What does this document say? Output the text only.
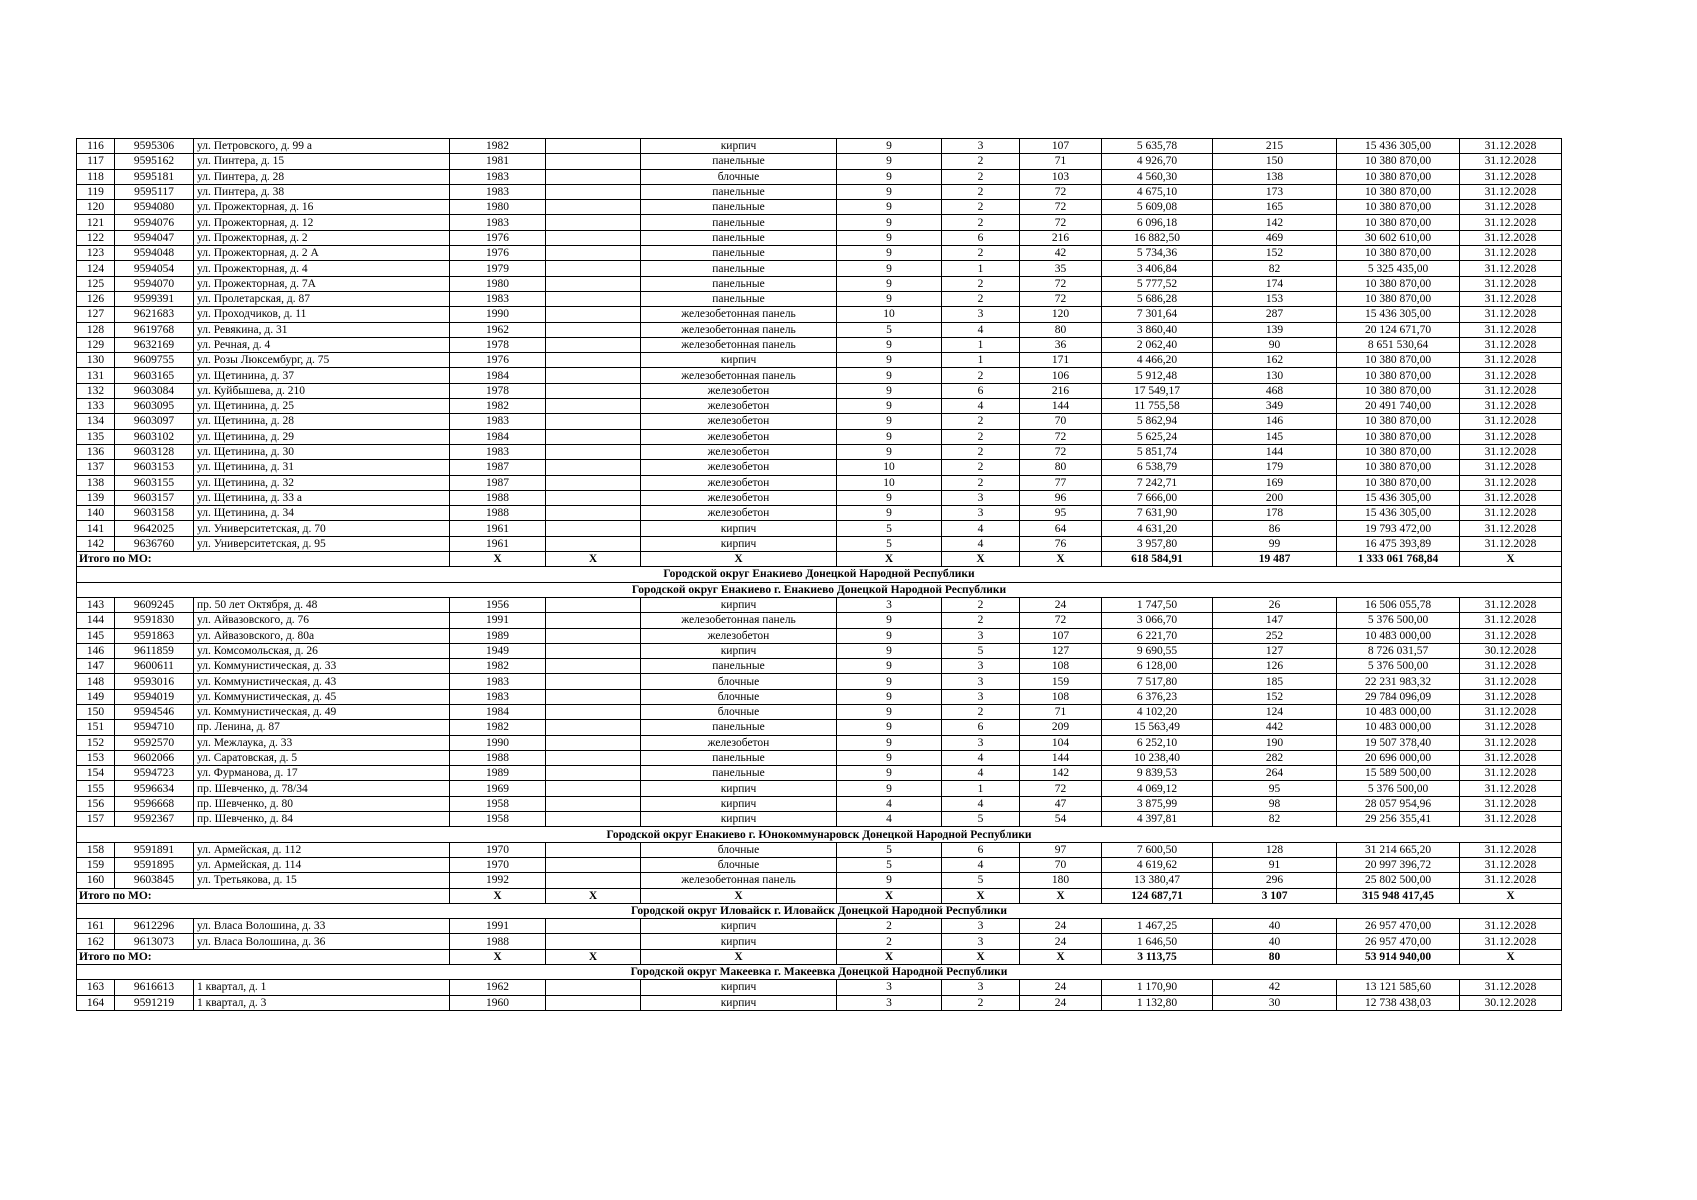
116	9595306	ул. Петровского, д. 99 а	1982		кирпич	9	3	107	5 635,78	215	15 436 305,00	31.12.2028
117	9595162	ул. Пинтера, д. 15	1981		панельные	9	2	71	4 926,70	150	10 380 870,00	31.12.2028
118	9595181	ул. Пинтера, д. 28	1983		блочные	9	2	103	4 560,30	138	10 380 870,00	31.12.2028
119	9595117	ул. Пинтера, д. 38	1983		панельные	9	2	72	4 675,10	173	10 380 870,00	31.12.2028
120	9594080	ул. Прожекторная, д. 16	1980		панельные	9	2	72	5 609,08	165	10 380 870,00	31.12.2028
121	9594076	ул. Прожекторная, д. 12	1983		панельные	9	2	72	6 096,18	142	10 380 870,00	31.12.2028
122	9594047	ул. Прожекторная, д. 2	1976		панельные	9	6	216	16 882,50	469	30 602 610,00	31.12.2028
123	9594048	ул. Прожекторная, д. 2 А	1976		панельные	9	2	42	5 734,36	152	10 380 870,00	31.12.2028
124	9594054	ул. Прожекторная, д. 4	1979		панельные	9	1	35	3 406,84	82	5 325 435,00	31.12.2028
125	9594070	ул. Прожекторная, д. 7А	1980		панельные	9	2	72	5 777,52	174	10 380 870,00	31.12.2028
126	9599391	ул. Пролетарская, д. 87	1983		панельные	9	2	72	5 686,28	153	10 380 870,00	31.12.2028
127	9621683	ул. Проходчиков, д. 11	1990		железобетонная панель	10	3	120	7 301,64	287	15 436 305,00	31.12.2028
128	9619768	ул. Ревякина, д. 31	1962		железобетонная панель	5	4	80	3 860,40	139	20 124 671,70	31.12.2028
129	9632169	ул. Речная, д. 4	1978		железобетонная панель	9	1	36	2 062,40	90	8 651 530,64	31.12.2028
130	9609755	ул. Розы Люксембург, д. 75	1976		кирпич	9	1	171	4 466,20	162	10 380 870,00	31.12.2028
131	9603165	ул. Щетинина, д. 37	1984		железобетонная панель	9	2	106	5 912,48	130	10 380 870,00	31.12.2028
132	9603084	ул. Куйбышева, д. 210	1978		железобетон	9	6	216	17 549,17	468	10 380 870,00	31.12.2028
133	9603095	ул. Щетинина, д. 25	1982		железобетон	9	4	144	11 755,58	349	20 491 740,00	31.12.2028
134	9603097	ул. Щетинина, д. 28	1983		железобетон	9	2	70	5 862,94	146	10 380 870,00	31.12.2028
135	9603102	ул. Щетинина, д. 29	1984		железобетон	9	2	72	5 625,24	145	10 380 870,00	31.12.2028
136	9603128	ул. Щетинина, д. 30	1983		железобетон	9	2	72	5 851,74	144	10 380 870,00	31.12.2028
137	9603153	ул. Щетинина, д. 31	1987		железобетон	10	2	80	6 538,79	179	10 380 870,00	31.12.2028
138	9603155	ул. Щетинина, д. 32	1987		железобетон	10	2	77	7 242,71	169	10 380 870,00	31.12.2028
139	9603157	ул. Щетинина, д. 33 а	1988		железобетон	9	3	96	7 666,00	200	15 436 305,00	31.12.2028
140	9603158	ул. Щетинина, д. 34	1988		железобетон	9	3	95	7 631,90	178	15 436 305,00	31.12.2028
141	9642025	ул. Университетская, д. 70	1961		кирпич	5	4	64	4 631,20	86	19 793 472,00	31.12.2028
142	9636760	ул. Университетская, д. 95	1961		кирпич	5	4	76	3 957,80	99	16 475 393,89	31.12.2028
Итого по МО:			X	X	X	X	X	X	618 584,91	19 487	1 333 061 768,84	X
Городской округ Енакиево Донецкой Народной Республики												
Городской округ Енакиево г. Енакиево Донецкой Народной Республики												
143	9609245	пр. 50 лет Октября, д. 48	1956		кирпич	3	2	24	1 747,50	26	16 506 055,78	31.12.2028
144	9591830	ул. Айвазовского, д. 76	1991		железобетонная панель	9	2	72	3 066,70	147	5 376 500,00	31.12.2028
145	9591863	ул. Айвазовского, д. 80а	1989		железобетон	9	3	107	6 221,70	252	10 483 000,00	31.12.2028
146	9611859	ул. Комсомольская, д. 26	1949		кирпич	9	5	127	9 690,55	127	8 726 031,57	30.12.2028
147	9600611	ул. Коммунистическая, д. 33	1982		панельные	9	3	108	6 128,00	126	5 376 500,00	31.12.2028
148	9593016	ул. Коммунистическая, д. 43	1983		блочные	9	3	159	7 517,80	185	22 231 983,32	31.12.2028
149	9594019	ул. Коммунистическая, д. 45	1983		блочные	9	3	108	6 376,23	152	29 784 096,09	31.12.2028
150	9594546	ул. Коммунистическая, д. 49	1984		блочные	9	2	71	4 102,20	124	10 483 000,00	31.12.2028
151	9594710	пр. Ленина, д. 87	1982		панельные	9	6	209	15 563,49	442	10 483 000,00	31.12.2028
152	9592570	ул. Межлаука, д. 33	1990		железобетон	9	3	104	6 252,10	190	19 507 378,40	31.12.2028
153	9602066	ул. Саратовская, д. 5	1988		панельные	9	4	144	10 238,40	282	20 696 000,00	31.12.2028
154	9594723	ул. Фурманова, д. 17	1989		панельные	9	4	142	9 839,53	264	15 589 500,00	31.12.2028
155	9596634	пр. Шевченко, д. 78/34	1969		кирпич	9	1	72	4 069,12	95	5 376 500,00	31.12.2028
156	9596668	пр. Шевченко, д. 80	1958		кирпич	4	4	47	3 875,99	98	28 057 954,96	31.12.2028
157	9592367	пр. Шевченко, д. 84	1958		кирпич	4	5	54	4 397,81	82	29 256 355,41	31.12.2028
Городской округ Енакиево г. Юнокоммунаровск Донецкой Народной Республики												
158	9591891	ул. Армейская, д. 112	1970		блочные	5	6	97	7 600,50	128	31 214 665,20	31.12.2028
159	9591895	ул. Армейская, д. 114	1970		блочные	5	4	70	4 619,62	91	20 997 396,72	31.12.2028
160	9603845	ул. Третьякова, д. 15	1992		железобетонная панель	9	5	180	13 380,47	296	25 802 500,00	31.12.2028
Итого по МО:			X	X	X	X	X	X	124 687,71	3 107	315 948 417,45	X
Городской округ Иловайск г. Иловайск Донецкой Народной Республики												
161	9612296	ул. Власа Волошина, д. 33	1991		кирпич	2	3	24	1 467,25	40	26 957 470,00	31.12.2028
162	9613073	ул. Власа Волошина, д. 36	1988		кирпич	2	3	24	1 646,50	40	26 957 470,00	31.12.2028
Итого по МО:			X	X	X	X	X	X	3 113,75	80	53 914 940,00	X
Городской округ Макеевка г. Макеевка Донецкой Народной Республики												
163	9616613	1 квартал, д. 1	1962		кирпич	3	3	24	1 170,90	42	13 121 585,60	31.12.2028
164	9591219	1 квартал, д. 3	1960		кирпич	3	2	24	1 132,80	30	12 738 438,03	30.12.2028
